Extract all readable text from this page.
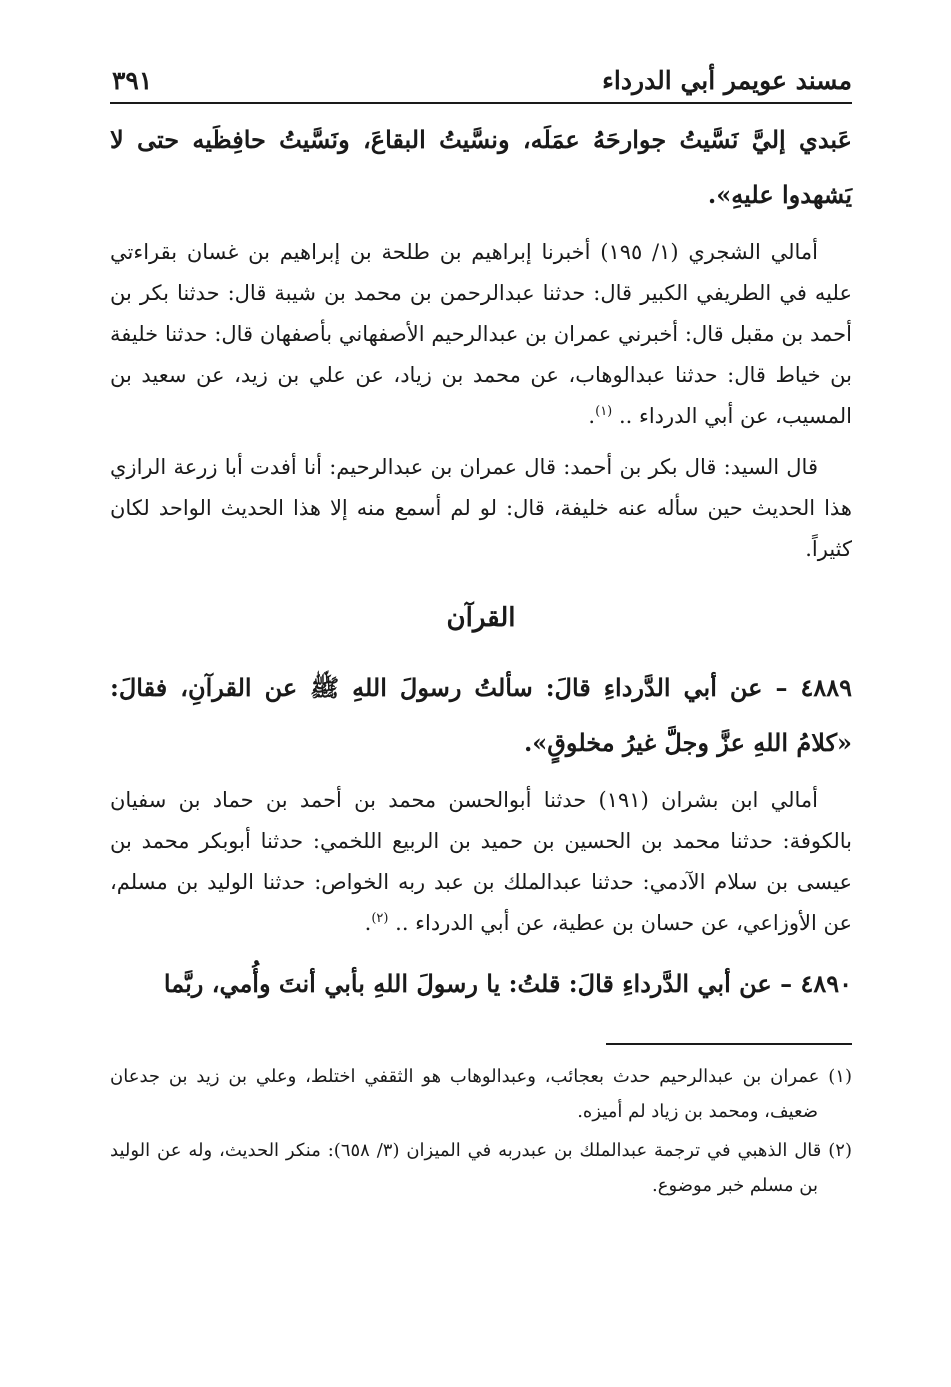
مسند عويمر أبي الدرداء
٣٩١

عَبدي إليَّ نَسَّيتُ جوارحَهُ عمَلَه، ونسَّيتُ البقاعَ، ونَسَّيتُ حافِظَيه حتى لا يَشهدوا عليهِ».

أمالي الشجري (١/ ١٩٥) أخبرنا إبراهيم بن طلحة بن إبراهيم بن غسان بقراءتي عليه في الطريفي الكبير قال: حدثنا عبدالرحمن بن محمد بن شيبة قال: حدثنا بكر بن أحمد بن مقبل قال: أخبرني عمران بن عبدالرحيم الأصفهاني بأصفهان قال: حدثنا خليفة بن خياط قال: حدثنا عبدالوهاب، عن محمد بن زياد، عن علي بن زيد، عن سعيد بن المسيب، عن أبي الدرداء .. $^{(١)}$.

قال السيد: قال بكر بن أحمد: قال عمران بن عبدالرحيم: أنا أفدت أبا زرعة الرازي هذا الحديث حين سأله عنه خليفة، قال: لو لم أسمع منه إلا هذا الحديث الواحد لكان كثيراً.

القرآن

٤٨٨٩ – عن أبي الدَّرداءِ قالَ: سألتُ رسولَ اللهِ ﷺ عن القرآنِ، فقالَ: «كلامُ اللهِ عزَّ وجلَّ غيرُ مخلوقٍ».

أمالي ابن بشران (١٩١) حدثنا أبوالحسن محمد بن أحمد بن حماد بن سفيان بالكوفة: حدثنا محمد بن الحسين بن حميد بن الربيع اللخمي: حدثنا أبوبكر محمد بن عيسى بن سلام الآدمي: حدثنا عبدالملك بن عبد ربه الخواص: حدثنا الوليد بن مسلم، عن الأوزاعي، عن حسان بن عطية، عن أبي الدرداء .. $^{(٢)}$.

٤٨٩٠ – عن أبي الدَّرداءِ قالَ: قلتُ: يا رسولَ اللهِ بأبي أنتَ وأُمي، ربَّما

(١) عمران بن عبدالرحيم حدث بعجائب، وعبدالوهاب هو الثقفي اختلط، وعلي بن زيد بن جدعان ضعيف، ومحمد بن زياد لم أميزه.

(٢) قال الذهبي في ترجمة عبدالملك بن عبدربه في الميزان (٣/ ٦٥٨): منكر الحديث، وله عن الوليد بن مسلم خبر موضوع.
